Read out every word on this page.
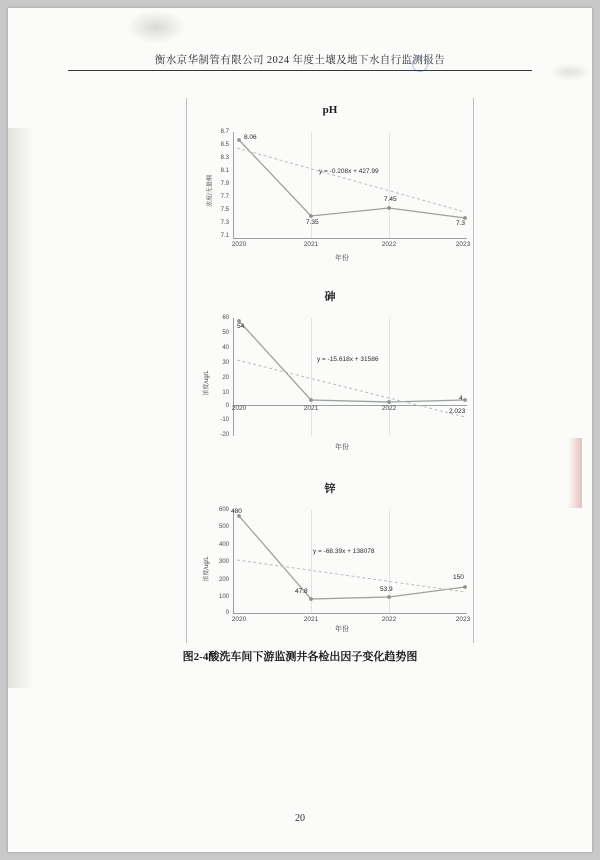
衡水京华制管有限公司 2024 年度土壤及地下水自行监测报告
pH
浓度/无量纲
8.7
8.5
8.3
8.1
7.9
7.7
7.5
7.3
7.1
8.06
7.35
7.45
7.3
y = -0.208x + 427.99
2020	2021	2022	2023
年份
砷
浓度/ug/L
60
50
40
30
20
10
0
-10
-20
54
4
2.023
y = -15.618x + 31586
2020	2021	2022
年份
锌
浓度/ug/L
600
500
400
300
200
100
0
480
47.8	53.9
150
y = -68.39x + 138078
2020	2021	2022	2023
年份
图2-4酸洗车间下游监测井各检出因子变化趋势图
20
